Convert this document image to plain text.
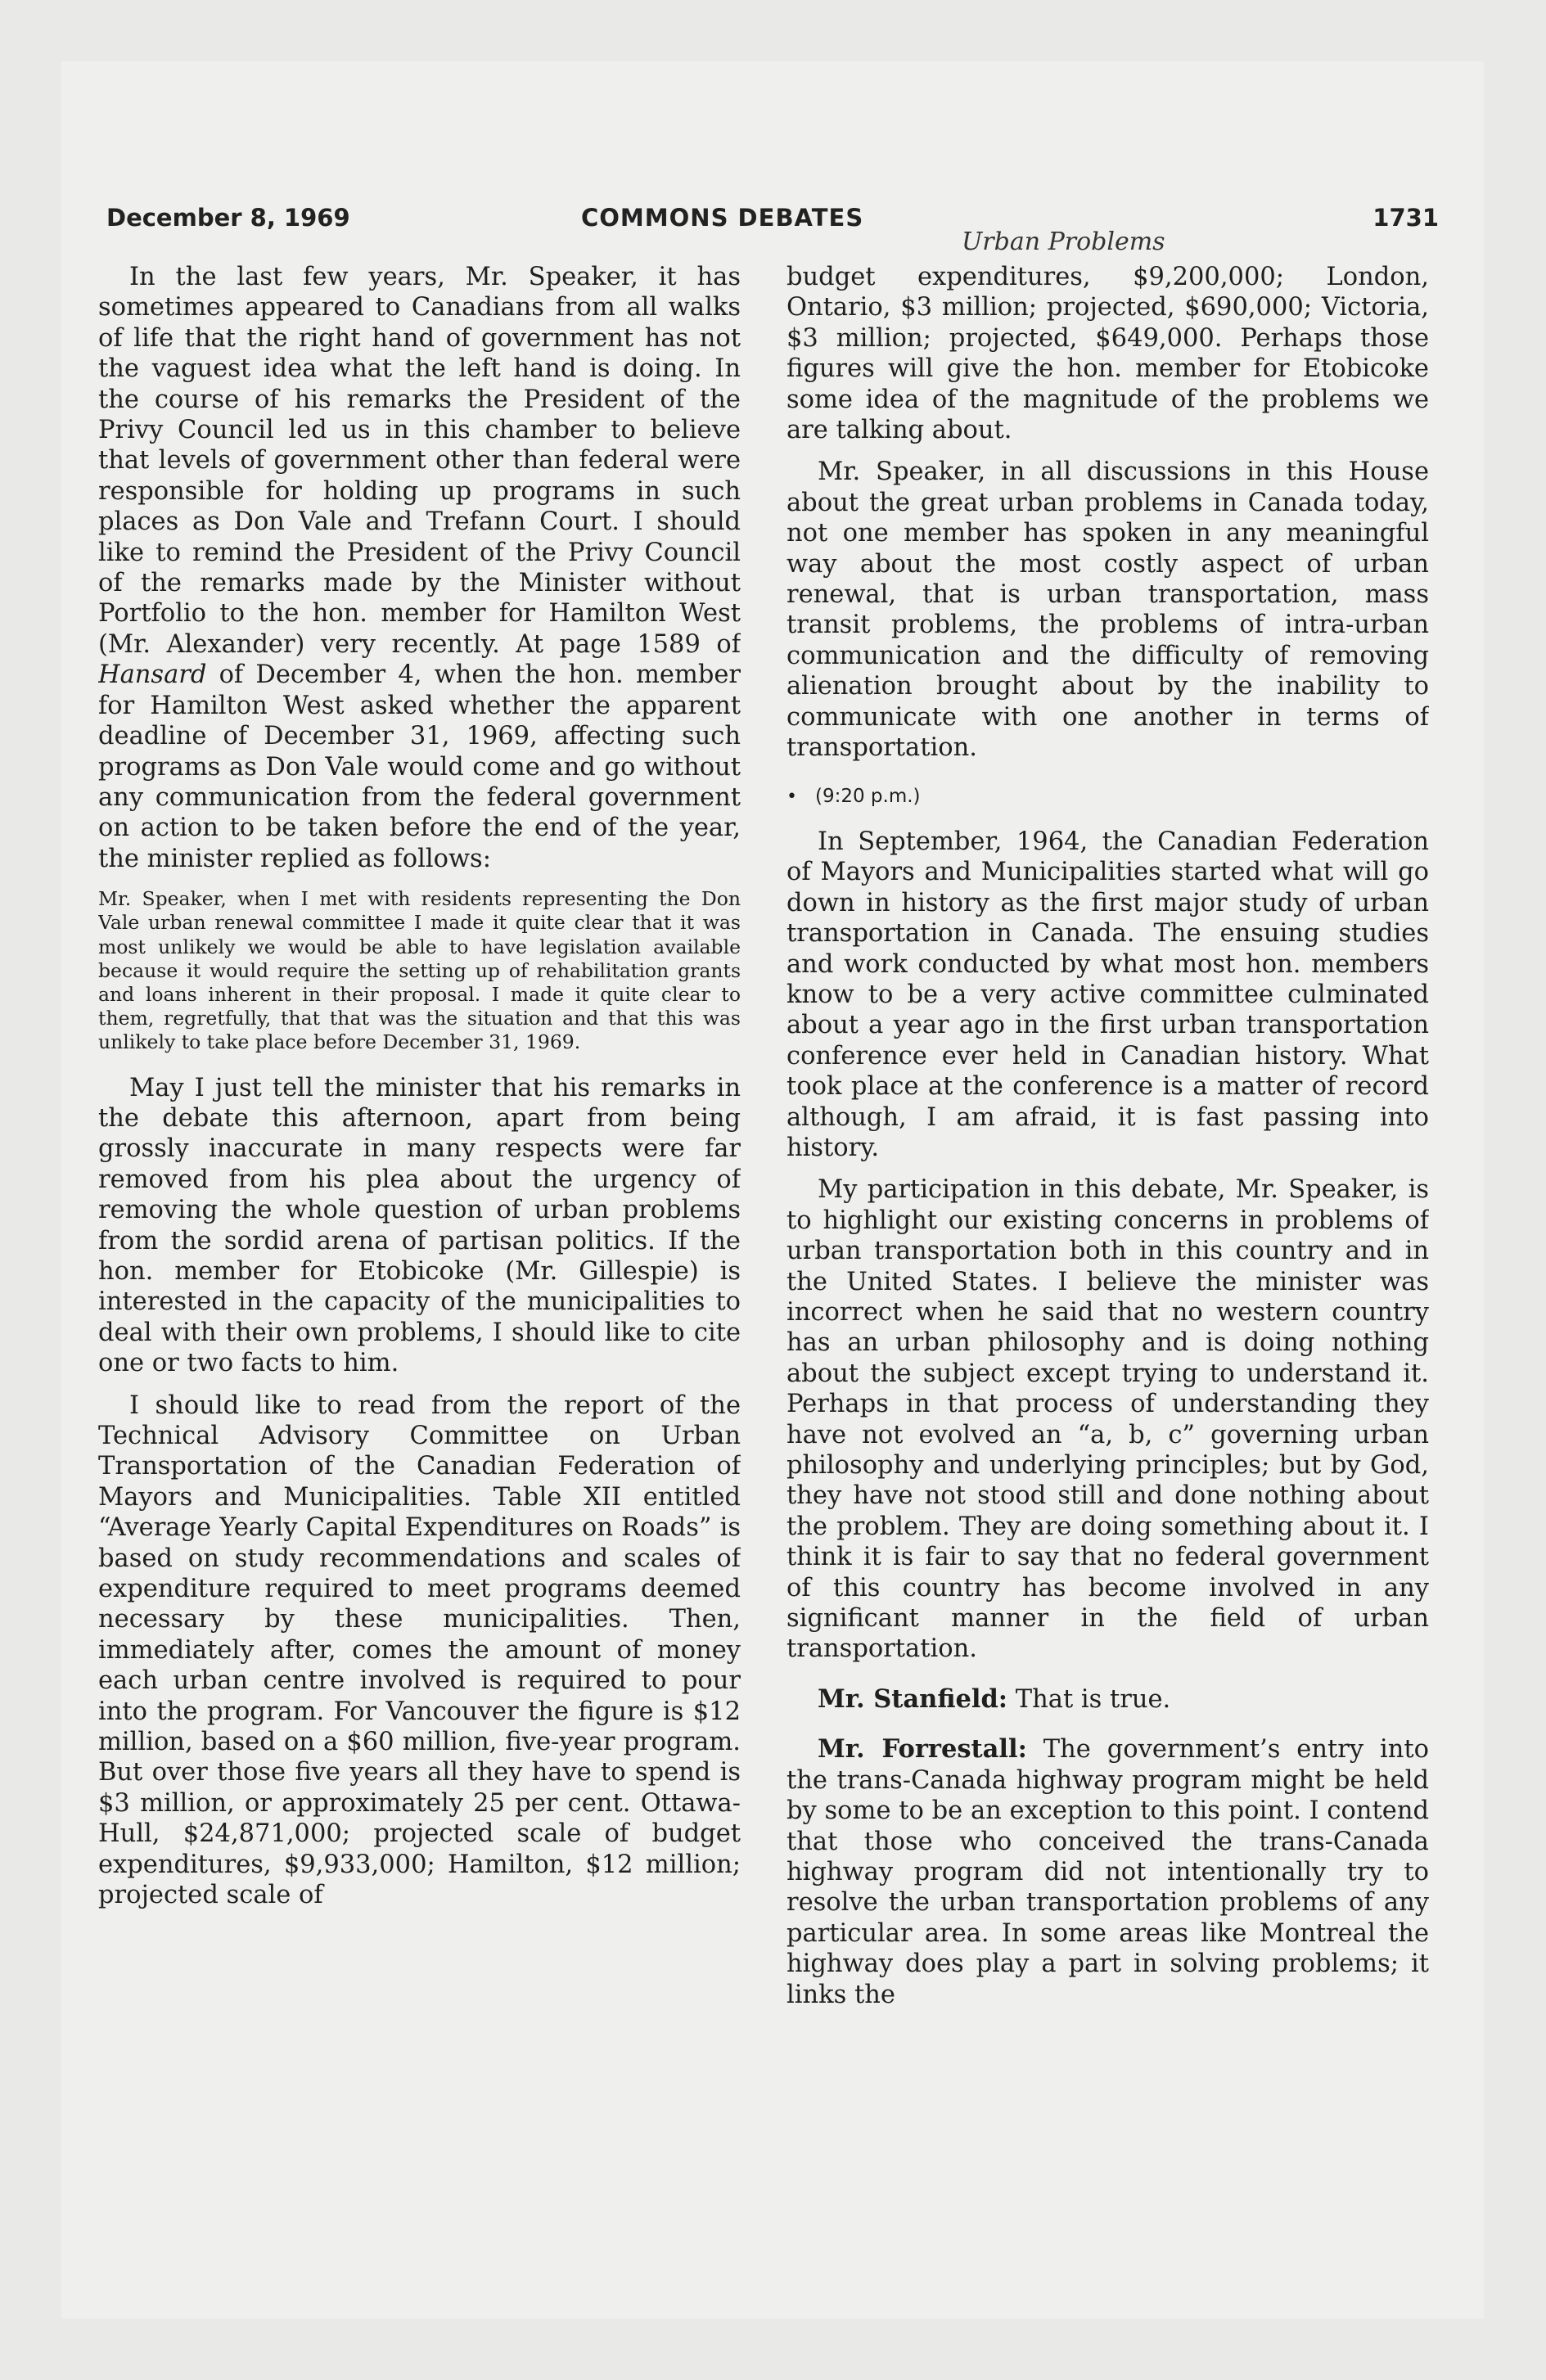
December 8, 1969	COMMONS DEBATES	1731
Urban Problems

In the last few years, Mr. Speaker, it has sometimes appeared to Canadians from all walks of life that the right hand of government has not the vaguest idea what the left hand is doing. In the course of his remarks the President of the Privy Council led us in this chamber to believe that levels of government other than federal were responsible for holding up programs in such places as Don Vale and Trefann Court. I should like to remind the President of the Privy Council of the remarks made by the Minister without Portfolio to the hon. member for Hamilton West (Mr. Alexander) very recently. At page 1589 of Hansard of December 4, when the hon. member for Hamilton West asked whether the apparent deadline of December 31, 1969, affecting such programs as Don Vale would come and go without any communication from the federal government on action to be taken before the end of the year, the minister replied as follows:

Mr. Speaker, when I met with residents representing the Don Vale urban renewal committee I made it quite clear that it was most unlikely we would be able to have legislation available because it would require the setting up of rehabilitation grants and loans inherent in their proposal. I made it quite clear to them, regretfully, that that was the situation and that this was unlikely to take place before December 31, 1969.

May I just tell the minister that his remarks in the debate this afternoon, apart from being grossly inaccurate in many respects were far removed from his plea about the urgency of removing the whole question of urban problems from the sordid arena of partisan politics. If the hon. member for Etobicoke (Mr. Gillespie) is interested in the capacity of the municipalities to deal with their own problems, I should like to cite one or two facts to him.

I should like to read from the report of the Technical Advisory Committee on Urban Transportation of the Canadian Federation of Mayors and Municipalities. Table XII entitled “Average Yearly Capital Expenditures on Roads” is based on study recommendations and scales of expenditure required to meet programs deemed necessary by these municipalities. Then, immediately after, comes the amount of money each urban centre involved is required to pour into the program. For Vancouver the figure is $12 million, based on a $60 million, five-year program. But over those five years all they have to spend is $3 million, or approximately 25 per cent. Ottawa-Hull, $24,871,000; projected scale of budget expenditures, $9,933,000; Hamilton, $12 million; projected scale of

budget expenditures, $9,200,000; London, Ontario, $3 million; projected, $690,000; Victoria, $3 million; projected, $649,000. Perhaps those figures will give the hon. member for Etobicoke some idea of the magnitude of the problems we are talking about.

Mr. Speaker, in all discussions in this House about the great urban problems in Canada today, not one member has spoken in any meaningful way about the most costly aspect of urban renewal, that is urban transportation, mass transit problems, the problems of intra-urban communication and the difficulty of removing alienation brought about by the inability to communicate with one another in terms of transportation.

• (9:20 p.m.)

In September, 1964, the Canadian Federation of Mayors and Municipalities started what will go down in history as the first major study of urban transportation in Canada. The ensuing studies and work conducted by what most hon. members know to be a very active committee culminated about a year ago in the first urban transportation conference ever held in Canadian history. What took place at the conference is a matter of record although, I am afraid, it is fast passing into history.

My participation in this debate, Mr. Speaker, is to highlight our existing concerns in problems of urban transportation both in this country and in the United States. I believe the minister was incorrect when he said that no western country has an urban philosophy and is doing nothing about the subject except trying to understand it. Perhaps in that process of understanding they have not evolved an “a, b, c” governing urban philosophy and underlying principles; but by God, they have not stood still and done nothing about the problem. They are doing something about it. I think it is fair to say that no federal government of this country has become involved in any significant manner in the field of urban transportation.

Mr. Stanfield: That is true.

Mr. Forrestall: The government’s entry into the trans-Canada highway program might be held by some to be an exception to this point. I contend that those who conceived the trans-Canada highway program did not intentionally try to resolve the urban transportation problems of any particular area. In some areas like Montreal the highway does play a part in solving problems; it links the
